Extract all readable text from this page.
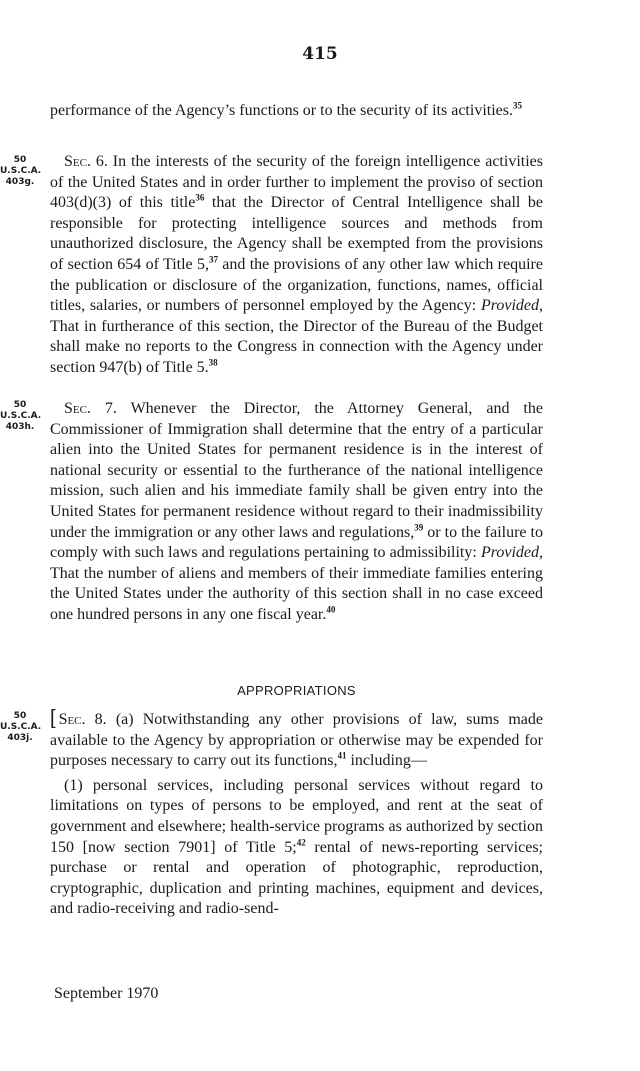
415

performance of the Agency’s functions or to the security of its activities.$^{35}$

50
U.S.C.A.
403g.
50
U.S.C.A.
403h.
50
U.S.C.A.
403j.

Sec. 6. In the interests of the security of the foreign intelligence activities of the United States and in order further to implement the proviso of section 403(d)(3) of this title$^{36}$ that the Director of Central Intelligence shall be responsible for protecting intelligence sources and methods from unauthorized disclosure, the Agency shall be exempted from the provisions of section 654 of Title 5,37 and the provisions of any other law which require the publication or disclosure of the organization, functions, names, official titles, salaries, or numbers of personnel employed by the Agency: Provided, That in furtherance of this section, the Director of the Bureau of the Budget shall make no reports to the Congress in connection with the Agency under section 947(b) of Title 5.38

Sec. 7. Whenever the Director, the Attorney General, and the Commissioner of Immigration shall determine that the entry of a particular alien into the United States for permanent residence is in the interest of national security or essential to the furtherance of the national intelligence mission, such alien and his immediate family shall be given entry into the United States for permanent residence without regard to their inadmissibility under the immigration or any other laws and regulations,$^{39}$ or to the failure to comply with such laws and regulations pertaining to admissibility: Provided, That the number of aliens and members of their immediate families entering the United States under the authority of this section shall in no case exceed one hundred persons in any one fiscal year.$^{40}$

APPROPRIATIONS

[ Sec. 8. (a) Notwithstanding any other provisions of law, sums made available to the Agency by appropriation or otherwise may be expended for purposes necessary to carry out its functions,$^{41}$ including—

(1) personal services, including personal services without regard to limitations on types of persons to be employed, and rent at the seat of government and elsewhere; health-service programs as authorized by section 150 [now section 7901] of Title 5;$^{42}$ rental of news-reporting services; purchase or rental and operation of photographic, reproduction, cryptographic, duplication and printing machines, equipment and devices, and radio-receiving and radio-send-

September 1970
